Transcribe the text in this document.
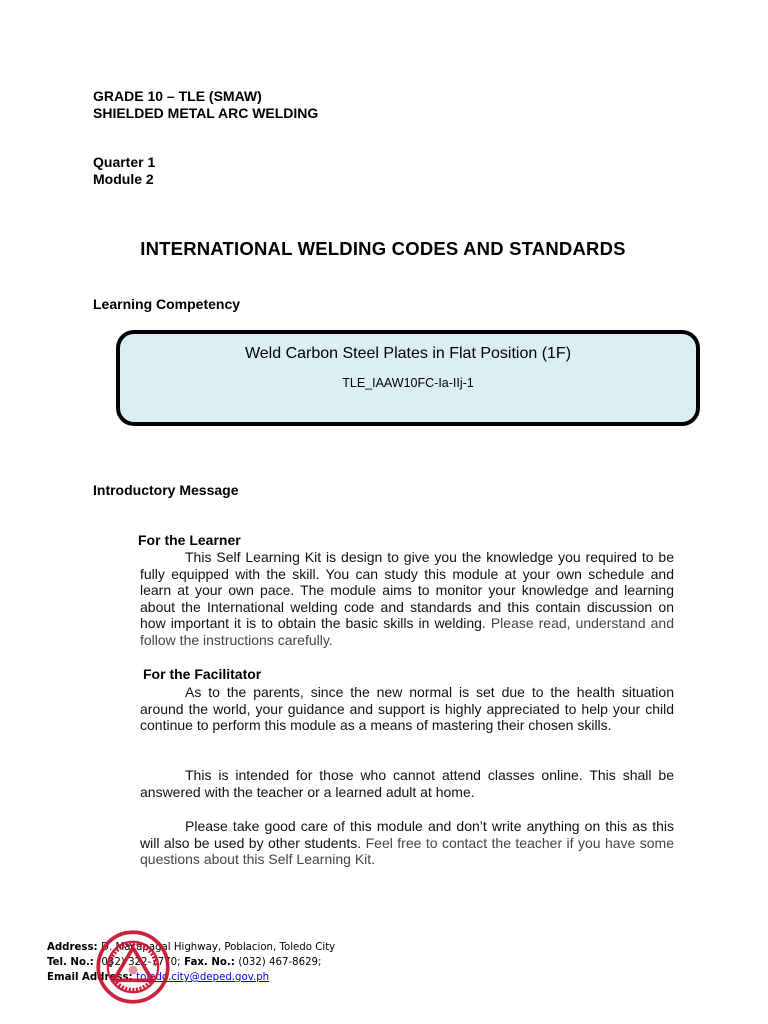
GRADE 10 – TLE (SMAW)
SHIELDED METAL ARC WELDING
Quarter 1
Module 2
INTERNATIONAL WELDING CODES AND STANDARDS
Learning Competency
Weld Carbon Steel Plates in Flat Position (1F)
TLE_IAAW10FC-Ia-IIj-1
Introductory Message
For the Learner
This Self Learning Kit is design to give you the knowledge you required to be fully equipped with the skill. You can study this module at your own schedule and learn at your own pace. The module aims to monitor your knowledge and learning about the International welding code and standards and this contain discussion on how important it is to obtain the basic skills in welding. Please read, understand and follow the instructions carefully.
For the Facilitator
As to the parents, since the new normal is set due to the health situation around the world, your guidance and support is highly appreciated to help your child continue to perform this module as a means of mastering their chosen skills.
This is intended for those who cannot attend classes online. This shall be answered with the teacher or a learned adult at home.
Please take good care of this module and don’t write anything on this as this will also be used by other students. Feel free to contact the teacher if you have some questions about this Self Learning Kit.
Address: D. Macapagal Highway, Poblacion, Toledo City
Tel. No.: (032) 322-7770; Fax. No.: (032) 467-8629;
Email Address: toledo.city@deped.gov.ph
